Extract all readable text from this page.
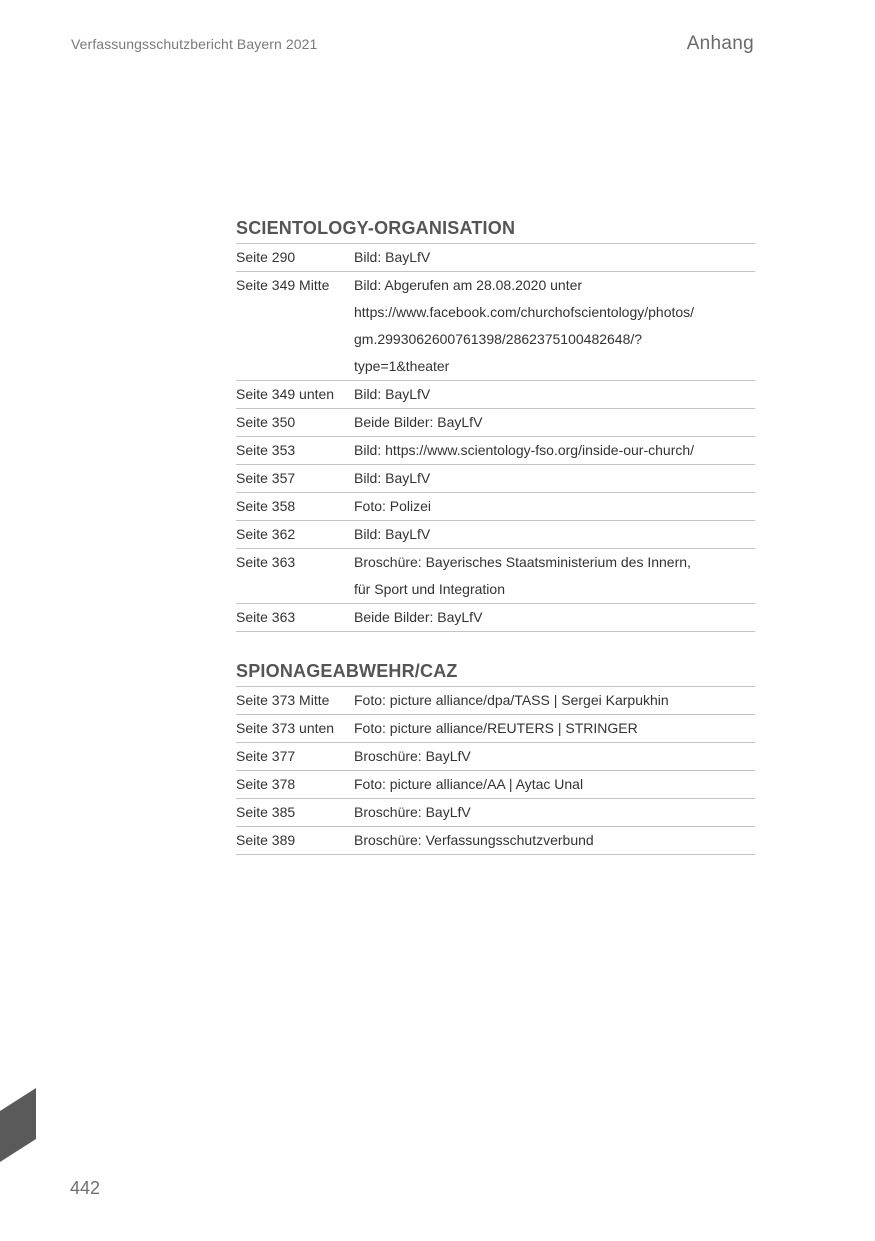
Verfassungsschutzbericht Bayern 2021	Anhang
SCIENTOLOGY-ORGANISATION
Seite 290	Bild: BayLfV
Seite 349 Mitte	Bild: Abgerufen am 28.08.2020 unter
https://www.facebook.com/churchofscientology/photos/
gm.2993062600761398/2862375100482648/?
type=1&theater
Seite 349 unten	Bild: BayLfV
Seite 350	Beide Bilder: BayLfV
Seite 353	Bild: https://www.scientology-fso.org/inside-our-church/
Seite 357	Bild: BayLfV
Seite 358	Foto: Polizei
Seite 362	Bild: BayLfV
Seite 363	Broschüre: Bayerisches Staatsministerium des Innern,
für Sport und Integration
Seite 363	Beide Bilder: BayLfV
SPIONAGEABWEHR/CAZ
Seite 373 Mitte	Foto: picture alliance/dpa/TASS | Sergei Karpukhin
Seite 373 unten	Foto: picture alliance/REUTERS | STRINGER
Seite 377	Broschüre: BayLfV
Seite 378	Foto: picture alliance/AA | Aytac Unal
Seite 385	Broschüre: BayLfV
Seite 389	Broschüre: Verfassungsschutzverbund
442
